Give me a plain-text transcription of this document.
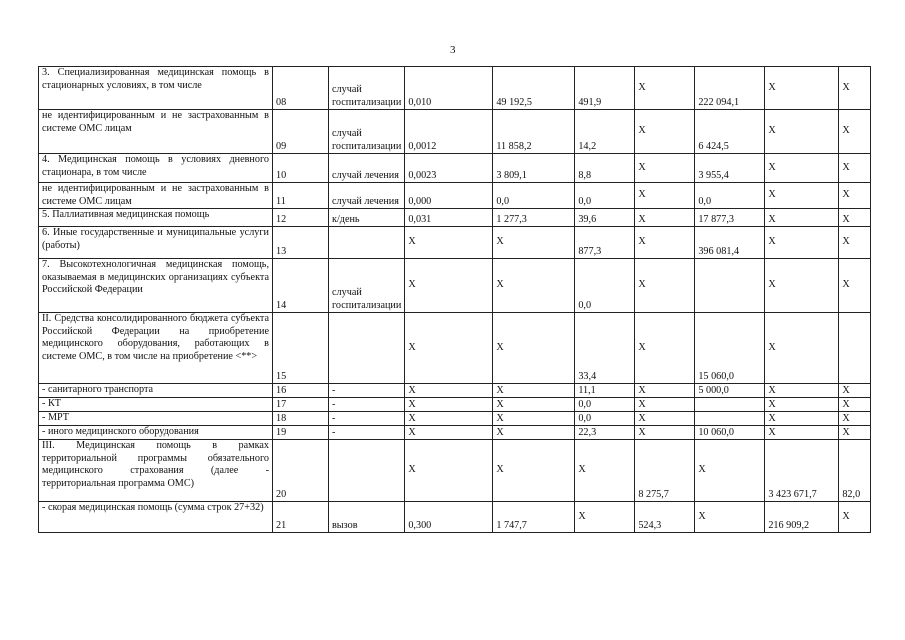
3
3. Специализированная медицинская помощь в стационарных условиях, в том числе	08	случай госпитализации	0,010	49 192,5	491,9	X	222 094,1	X	X
не идентифицированным и не застрахованным в системе ОМС лицам	09	случай госпитализации	0,0012	11 858,2	14,2	X	6 424,5	X	X
4. Медицинская помощь в условиях дневного стационара, в том числе	10	случай лечения	0,0023	3 809,1	8,8	X	3 955,4	X	X
не идентифицированным и не застрахованным в системе ОМС лицам	11	случай лечения	0,000	0,0	0,0	X	0,0	X	X
5. Паллиативная медицинская помощь	12	к/день	0,031	1 277,3	39,6	X	17 877,3	X	X
6. Иные государственные и муниципальные услуги (работы)	13		X	X	877,3	X	396 081,4	X	X
7. Высокотехнологичная медицинская помощь, оказываемая в медицинских организациях субъекта Российской Федерации	14	случай госпитализации	X	X	0,0	X		X	X
II. Средства консолидированного бюджета субъекта Российской Федерации на приобретение медицинского оборудования, работающих в системе ОМС, в том числе на приобретение <**>	15		X	X	33,4	X	15 060,0	X	
- санитарного транспорта	16	-	X	X	11,1	X	5 000,0	X	X
- КТ	17	-	X	X	0,0	X		X	X
- МРТ	18	-	X	X	0,0	X		X	X
- иного медицинского оборудования	19	-	X	X	22,3	X	10 060,0	X	X
III. Медицинская помощь в рамках территориальной программы обязательного медицинского страхования (далее - территориальная программа ОМС)	20		X	X	X	8 275,7	X	3 423 671,7	82,0
- скорая медицинская помощь (сумма строк 27+32)	21	вызов	0,300	1 747,7	X	524,3	X	216 909,2	X
